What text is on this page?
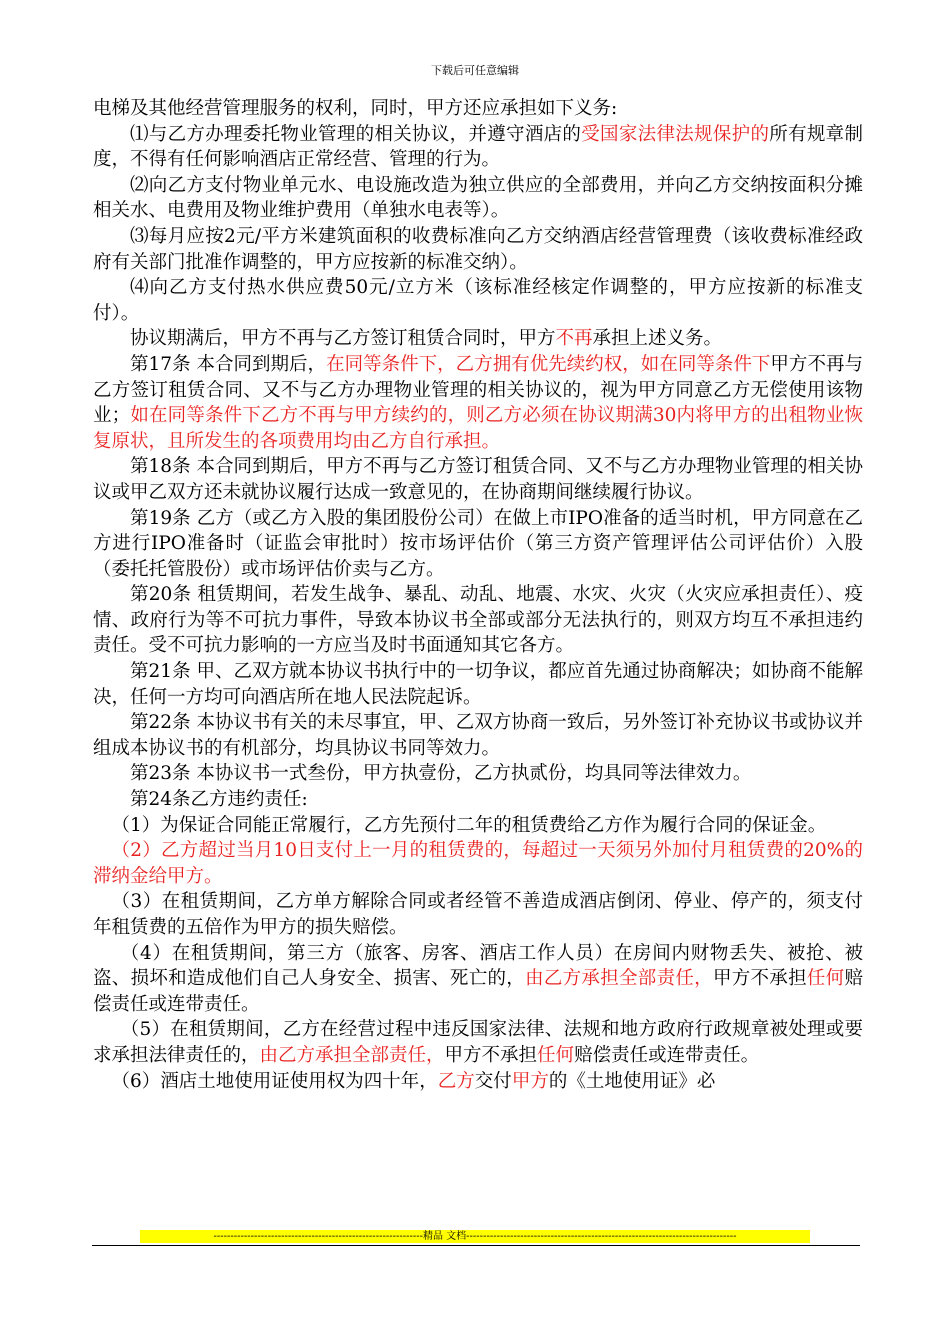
下载后可任意编辑

电梯及其他经营管理服务的权利，同时，甲方还应承担如下义务:

⑴与乙方办理委托物业管理的相关协议，并遵守酒店的受国家法律法规保护的所有规章制度，不得有任何影响酒店正常经营、管理的行为。

⑵向乙方支付物业单元水、电设施改造为独立供应的全部费用，并向乙方交纳按面积分摊相关水、电费用及物业维护费用（单独水电表等）。

⑶每月应按2元/平方米建筑面积的收费标准向乙方交纳酒店经营管理费（该收费标准经政府有关部门批准作调整的，甲方应按新的标准交纳）。

⑷向乙方支付热水供应费50元/立方米（该标准经核定作调整的，甲方应按新的标准支付）。

协议期满后，甲方不再与乙方签订租赁合同时，甲方不再承担上述义务。

第17条 本合同到期后，在同等条件下，乙方拥有优先续约权，如在同等条件下甲方不再与乙方签订租赁合同、又不与乙方办理物业管理的相关协议的，视为甲方同意乙方无偿使用该物业；如在同等条件下乙方不再与甲方续约的，则乙方必须在协议期满30内将甲方的出租物业恢复原状，且所发生的各项费用均由乙方自行承担。

第18条 本合同到期后，甲方不再与乙方签订租赁合同、又不与乙方办理物业管理的相关协议或甲乙双方还未就协议履行达成一致意见的，在协商期间继续履行协议。

第19条 乙方（或乙方入股的集团股份公司）在做上市IPO准备的适当时机，甲方同意在乙方进行IPO准备时（证监会审批时）按市场评估价（第三方资产管理评估公司评估价）入股（委托托管股份）或市场评估价卖与乙方。

第20条 租赁期间，若发生战争、暴乱、动乱、地震、水灾、火灾（火灾应承担责任）、疫情、政府行为等不可抗力事件，导致本协议书全部或部分无法执行的，则双方均互不承担违约责任。受不可抗力影响的一方应当及时书面通知其它各方。

第21条 甲、乙双方就本协议书执行中的一切争议，都应首先通过协商解决；如协商不能解决，任何一方均可向酒店所在地人民法院起诉。

第22条 本协议书有关的未尽事宜，甲、乙双方协商一致后，另外签订补充协议书或协议并组成本协议书的有机部分，均具协议书同等效力。

第23条 本协议书一式叁份，甲方执壹份，乙方执贰份，均具同等法律效力。

第24条乙方违约责任:

（1）为保证合同能正常履行，乙方先预付二年的租赁费给乙方作为履行合同的保证金。

（2）乙方超过当月10日支付上一月的租赁费的，每超过一天须另外加付月租赁费的20%的滞纳金给甲方。

（3）在租赁期间，乙方单方解除合同或者经管不善造成酒店倒闭、停业、停产的，须支付年租赁费的五倍作为甲方的损失赔偿。

（4）在租赁期间，第三方（旅客、房客、酒店工作人员）在房间内财物丢失、被抢、被盗、损坏和造成他们自己人身安全、损害、死亡的，由乙方承担全部责任，甲方不承担任何赔偿责任或连带责任。

（5）在租赁期间，乙方在经营过程中违反国家法律、法规和地方政府行政规章被处理或要求承担法律责任的，由乙方承担全部责任，甲方不承担任何赔偿责任或连带责任。

（6）酒店土地使用证使用权为四十年，乙方交付甲方的《土地使用证》必

--------------------------------------------------------------精品 文档--------------------------------------------------------------------------------
